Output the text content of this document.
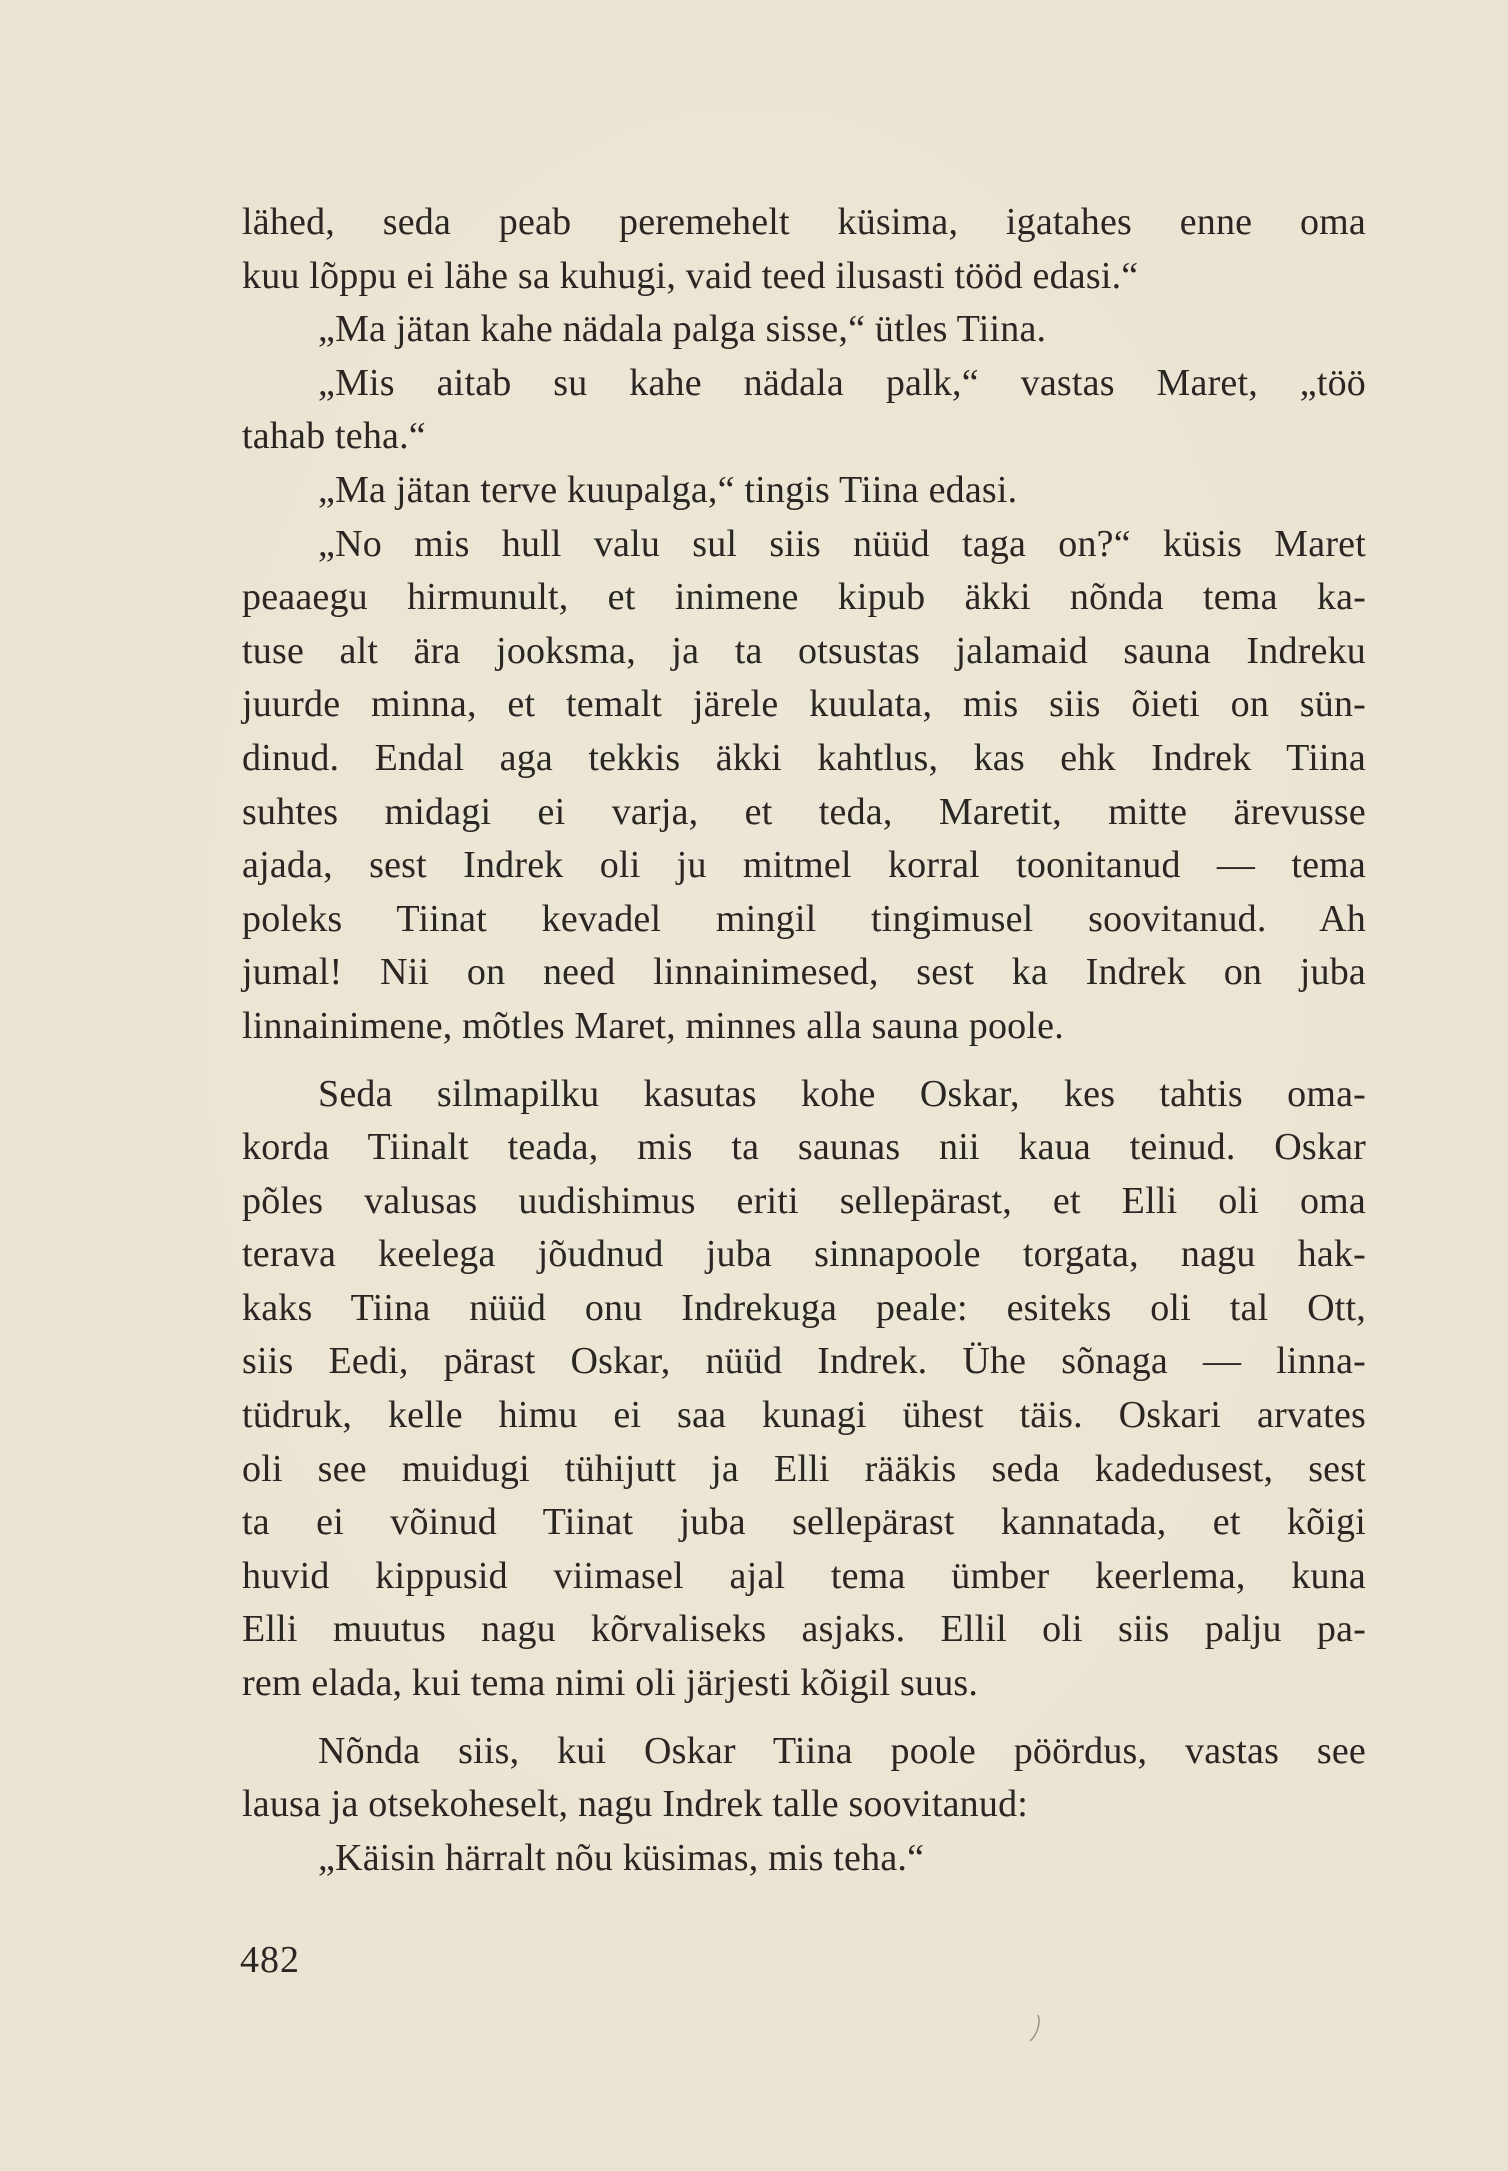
lähed, seda peab peremehelt küsima, igatahes enne oma
kuu lõppu ei lähe sa kuhugi, vaid teed ilusasti tööd edasi.“
„Ma jätan kahe nädala palga sisse,“ ütles Tiina.
„Mis aitab su kahe nädala palk,“ vastas Maret, „töö
tahab teha.“
„Ma jätan terve kuupalga,“ tingis Tiina edasi.
„No mis hull valu sul siis nüüd taga on?“ küsis Maret
peaaegu hirmunult, et inimene kipub äkki nõnda tema ka-
tuse alt ära jooksma, ja ta otsustas jalamaid sauna Indreku
juurde minna, et temalt järele kuulata, mis siis õieti on sün-
dinud. Endal aga tekkis äkki kahtlus, kas ehk Indrek Tiina
suhtes midagi ei varja, et teda, Maretit, mitte ärevusse
ajada, sest Indrek oli ju mitmel korral toonitanud — tema
poleks Tiinat kevadel mingil tingimusel soovitanud. Ah
jumal! Nii on need linnainimesed, sest ka Indrek on juba
linnainimene, mõtles Maret, minnes alla sauna poole.
Seda silmapilku kasutas kohe Oskar, kes tahtis oma-
korda Tiinalt teada, mis ta saunas nii kaua teinud. Oskar
põles valusas uudishimus eriti sellepärast, et Elli oli oma
terava keelega jõudnud juba sinnapoole torgata, nagu hak-
kaks Tiina nüüd onu Indrekuga peale: esiteks oli tal Ott,
siis Eedi, pärast Oskar, nüüd Indrek. Ühe sõnaga — linna-
tüdruk, kelle himu ei saa kunagi ühest täis. Oskari arvates
oli see muidugi tühijutt ja Elli rääkis seda kadedusest, sest
ta ei võinud Tiinat juba sellepärast kannatada, et kõigi
huvid kippusid viimasel ajal tema ümber keerlema, kuna
Elli muutus nagu kõrvaliseks asjaks. Ellil oli siis palju pa-
rem elada, kui tema nimi oli järjesti kõigil suus.
Nõnda siis, kui Oskar Tiina poole pöördus, vastas see
lausa ja otsekoheselt, nagu Indrek talle soovitanud:
„Käisin härralt nõu küsimas, mis teha.“
482
